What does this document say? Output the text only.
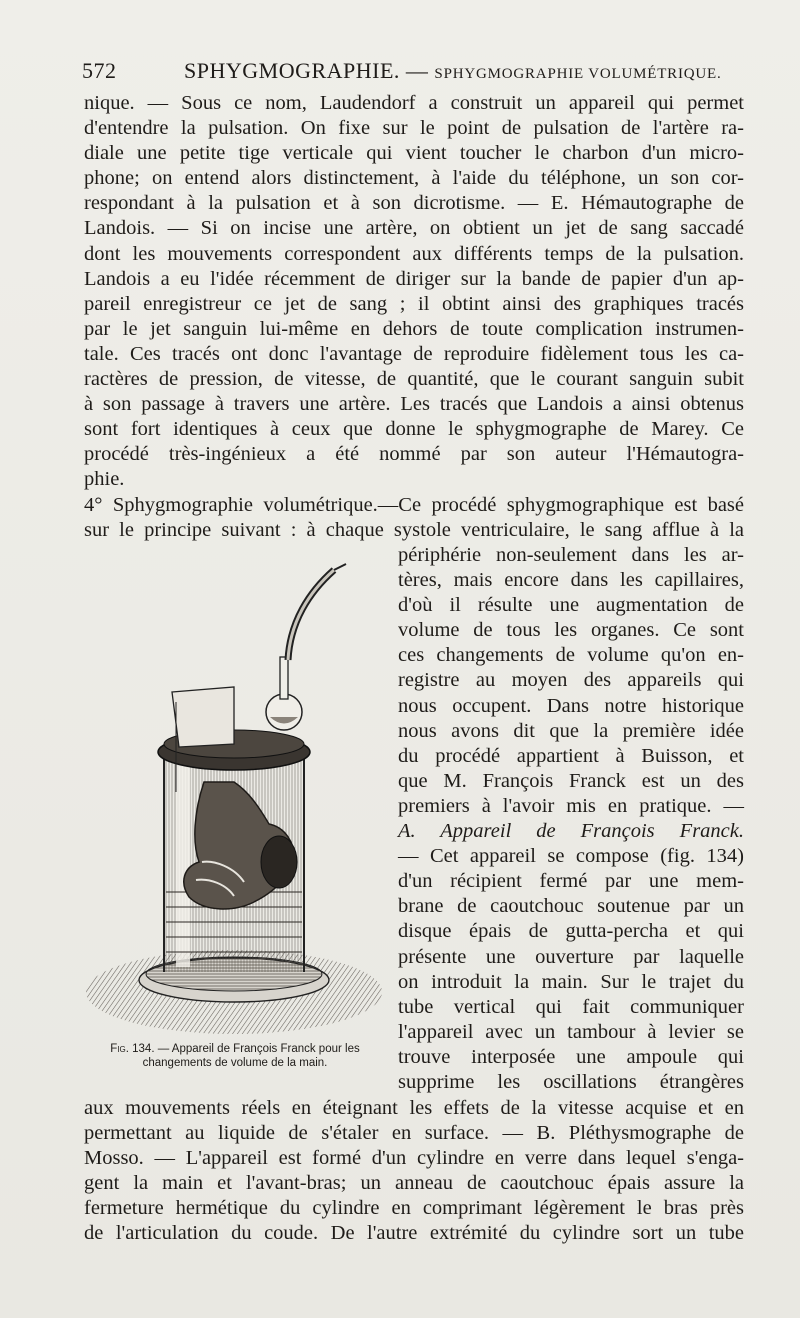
572	SPHYGMOGRAPHIE. — SPHYGMOGRAPHIE VOLUMÉTRIQUE.
nique. — Sous ce nom, Laudendorf a construit un appareil qui permet
d'entendre la pulsation. On fixe sur le point de pulsation de l'artère ra-
diale une petite tige verticale qui vient toucher le charbon d'un micro-
phone; on entend alors distinctement, à l'aide du téléphone, un son cor-
respondant à la pulsation et à son dicrotisme. — E. Hémautographe de
Landois. — Si on incise une artère, on obtient un jet de sang saccadé
dont les mouvements correspondent aux différents temps de la pulsation.
Landois a eu l'idée récemment de diriger sur la bande de papier d'un ap-
pareil enregistreur ce jet de sang ; il obtint ainsi des graphiques tracés
par le jet sanguin lui-même en dehors de toute complication instrumen-
tale. Ces tracés ont donc l'avantage de reproduire fidèlement tous les ca-
ractères de pression, de vitesse, de quantité, que le courant sanguin subit
à son passage à travers une artère. Les tracés que Landois a ainsi obtenus
sont fort identiques à ceux que donne le sphygmographe de Marey. Ce
procédé très-ingénieux a été nommé par son auteur l'Hémautogra-
phie.
4° Sphygmographie volumétrique.—Ce procédé sphygmographique est basé
sur le principe suivant : à chaque systole ventriculaire, le sang afflue à la
Fig. 134. — Appareil de François Franck pour les changements de volume de la main.
périphérie non-seulement dans les ar-
tères, mais encore dans les capillaires,
d'où il résulte une augmentation de
volume de tous les organes. Ce sont
ces changements de volume qu'on en-
registre au moyen des appareils qui
nous occupent. Dans notre historique
nous avons dit que la première idée
du procédé appartient à Buisson, et
que M. François Franck est un des
premiers à l'avoir mis en pratique. —
A. Appareil de François Franck.
— Cet appareil se compose (fig. 134)
d'un récipient fermé par une mem-
brane de caoutchouc soutenue par un
disque épais de gutta-percha et qui
présente une ouverture par laquelle
on introduit la main. Sur le trajet du
tube vertical qui fait communiquer
l'appareil avec un tambour à levier se
trouve interposée une ampoule qui
supprime les oscillations étrangères
aux mouvements réels en éteignant les effets de la vitesse acquise et en
permettant au liquide de s'étaler en surface. — B. Pléthysmographe de
Mosso. — L'appareil est formé d'un cylindre en verre dans lequel s'enga-
gent la main et l'avant-bras; un anneau de caoutchouc épais assure la
fermeture hermétique du cylindre en comprimant légèrement le bras près
de l'articulation du coude. De l'autre extrémité du cylindre sort un tube
